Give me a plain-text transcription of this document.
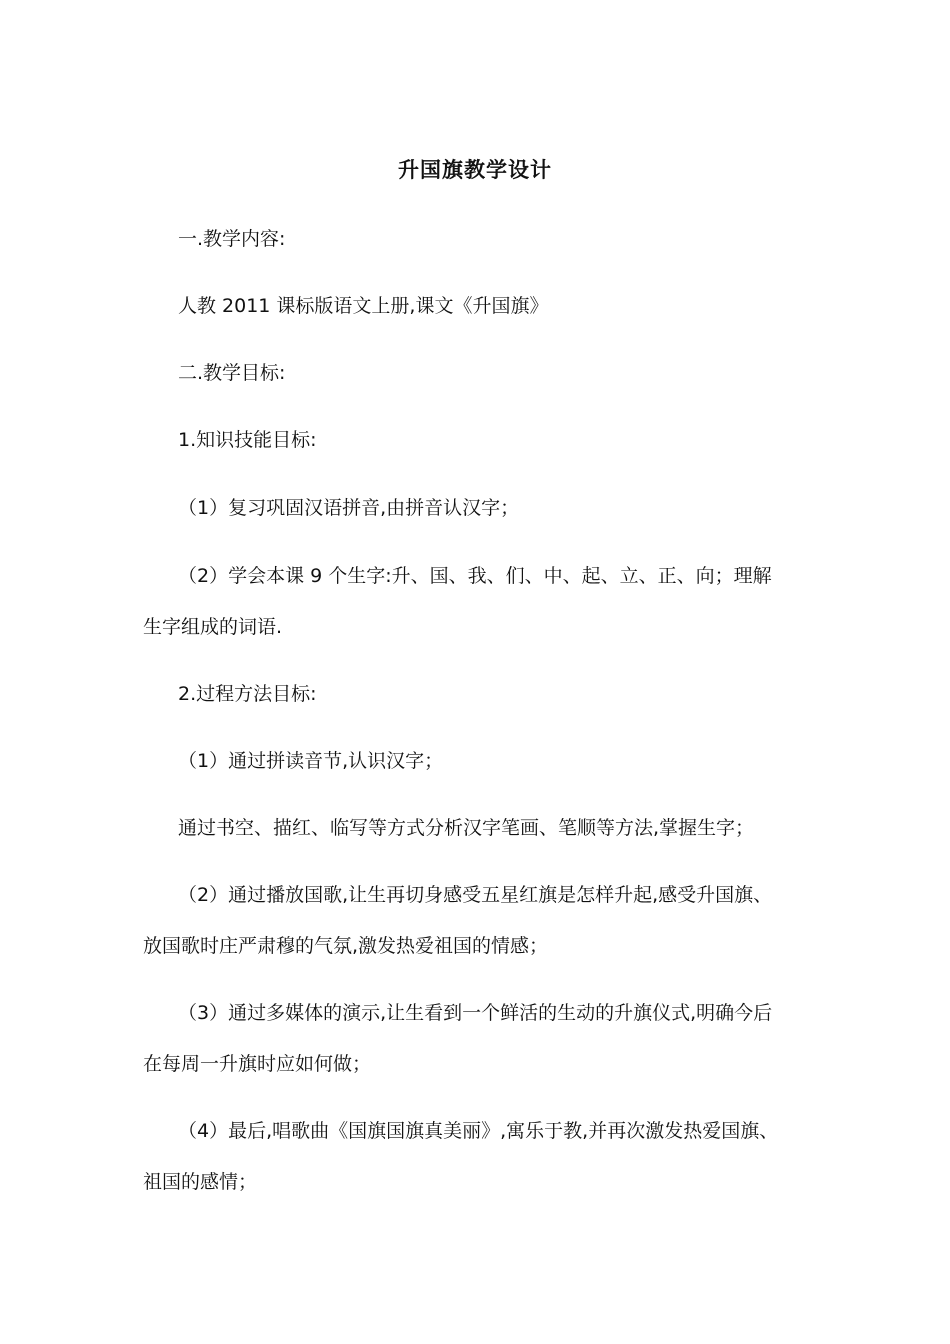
升国旗教学设计
一.教学内容:
人教 2011 课标版语文上册,课文《升国旗》
二.教学目标:
1.知识技能目标:
（1）复习巩固汉语拼音,由拼音认汉字；
（2）学会本课 9 个生字:升、国、我、们、中、起、立、正、向；理解
生字组成的词语.
2.过程方法目标:
（1）通过拼读音节,认识汉字；
通过书空、描红、临写等方式分析汉字笔画、笔顺等方法,掌握生字；
（2）通过播放国歌,让生再切身感受五星红旗是怎样升起,感受升国旗、
放国歌时庄严肃穆的气氛,激发热爱祖国的情感；
（3）通过多媒体的演示,让生看到一个鲜活的生动的升旗仪式,明确今后
在每周一升旗时应如何做；
（4）最后,唱歌曲《国旗国旗真美丽》,寓乐于教,并再次激发热爱国旗、
祖国的感情；
